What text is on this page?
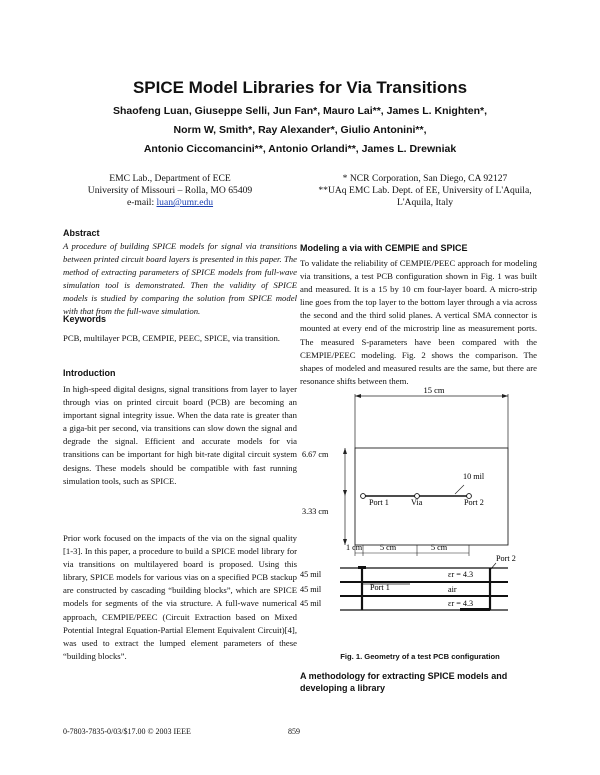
SPICE Model Libraries for Via Transitions
Shaofeng Luan, Giuseppe Selli, Jun Fan*, Mauro Lai**, James L. Knighten*,
Norm W, Smith*, Ray Alexander*, Giulio Antonini**,
Antonio Ciccomancini**, Antonio Orlandi**, James L. Drewniak
EMC Lab., Department of ECE
University of Missouri – Rolla, MO 65409
e-mail: luan@umr.edu
* NCR Corporation, San Diego, CA 92127
**UAq EMC Lab. Dept. of EE, University of L'Aquila,
L'Aquila, Italy
Abstract
A procedure of building SPICE models for signal via transitions between printed circuit board layers is presented in this paper. The method of extracting parameters of SPICE models from full-wave simulation tool is demonstrated. Then the validity of SPICE models is studied by comparing the solution from SPICE model with that from the full-wave simulation.
Keywords
PCB, multilayer PCB, CEMPIE, PEEC, SPICE, via transition.
Introduction
In high-speed digital designs, signal transitions from layer to layer through vias on printed circuit board (PCB) are becoming an important signal integrity issue. When the data rate is greater than a giga-bit per second, via transitions can slow down the signal and degrade the signal. Efficient and accurate models for via transitions can be important for high bit-rate digital circuit system designs. These models should be compatible with fast running simulation tools, such as SPICE.
Prior work focused on the impacts of the via on the signal quality [1-3]. In this paper, a procedure to build a SPICE model library for via transitions on multilayered board is proposed. Using this library, SPICE models for various vias on a specified PCB stackup are constructed by cascading “building blocks”, which are SPICE models for segments of the via structure. A full-wave numerical approach, CEMPIE/PEEC (Circuit Extraction based on Mixed Potential Integral Equation-Partial Element Equivalent Circuit)[4], was used to extract the lumped element parameters of these “building blocks”.
Modeling a via with CEMPIE and SPICE
To validate the reliability of CEMPIE/PEEC approach for modeling via transitions, a test PCB configuration shown in Fig. 1 was built and measured. It is a 15 by 10 cm four-layer board. A micro-strip line goes from the top layer to the bottom layer through a via across the second and the third solid planes. A vertical SMA connector is mounted at every end of the microstrip line as measurement ports. The measured S-parameters have been compared with the CEMPIE/PEEC modeling. Fig. 2 shows the comparison. The shapes of modeled and measured results are the same, but there are resonance shifts between them.
15 cm
6.67 cm
3.33 cm
10 mil
Port 1	Via	Port 2
1 cm 5 cm	5 cm
Port 1
Port 2
45 mil
45 mil
45 mil
εr = 4.3
air
εr = 4.3
Fig. 1. Geometry of a test PCB configuration
A methodology for extracting SPICE models and developing a library
0-7803-7835-0/03/$17.00 © 2003 IEEE	859
